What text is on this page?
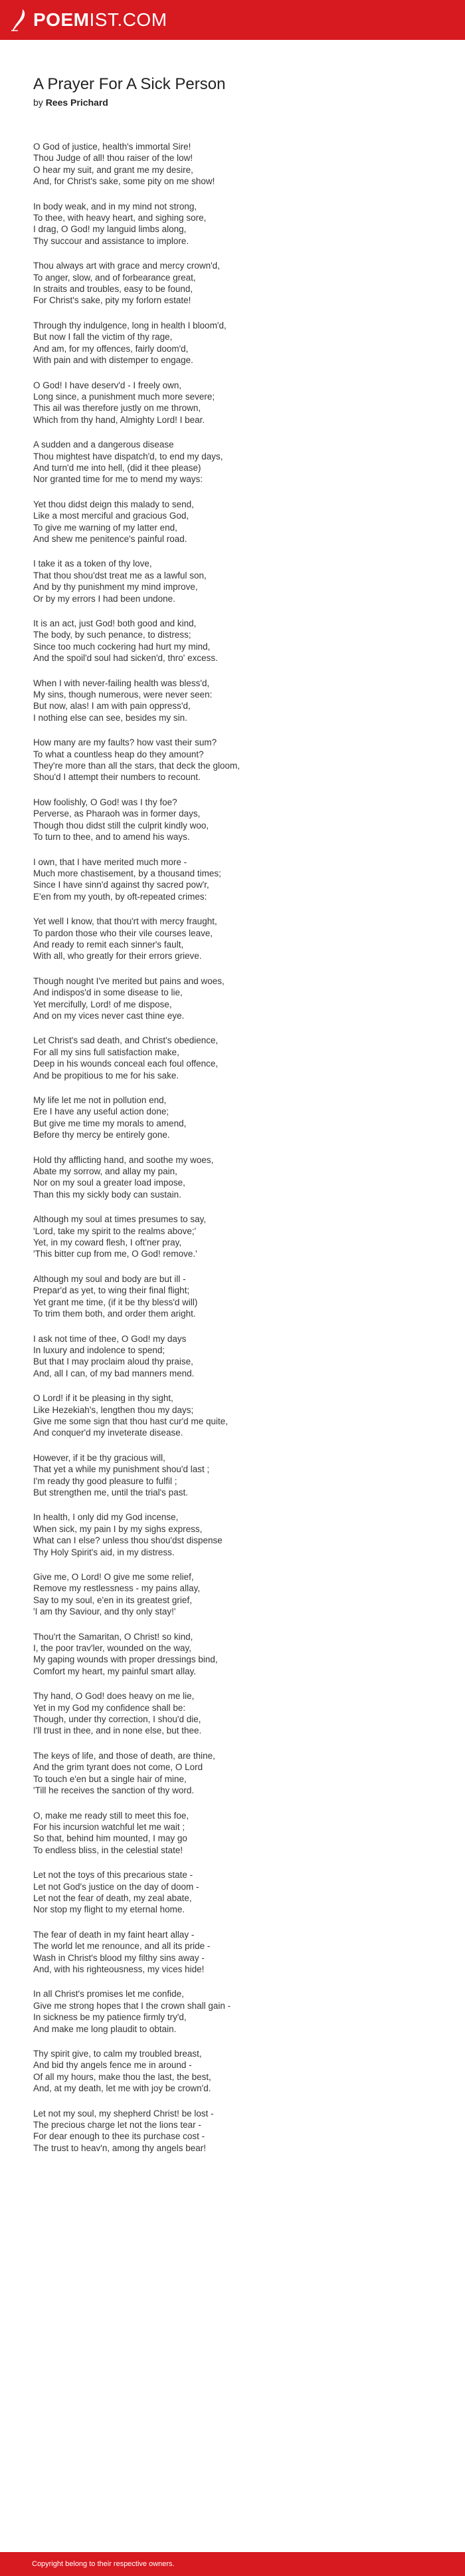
POEMIST.COM
A Prayer For A Sick Person
by Rees Prichard
O God of justice, health's immortal Sire!
Thou Judge of all! thou raiser of the low!
O hear my suit, and grant me my desire,
And, for Christ's sake, some pity on me show!
In body weak, and in my mind not strong,
To thee, with heavy heart, and sighing sore,
I drag, O God! my languid limbs along,
Thy succour and assistance to implore.
Thou always art with grace and mercy crown'd,
To anger, slow, and of forbearance great,
In straits and troubles, easy to be found,
For Christ's sake, pity my forlorn estate!
Through thy indulgence, long in health I bloom'd,
But now I fall the victim of thy rage,
And am, for my offences, fairly doom'd,
With pain and with distemper to engage.
O God! I have deserv'd - I freely own,
Long since, a punishment much more severe;
This ail was therefore justly on me thrown,
Which from thy hand, Almighty Lord! I bear.
A sudden and a dangerous disease
Thou mightest have dispatch'd, to end my days,
And turn'd me into hell, (did it thee please)
Nor granted time for me to mend my ways:
Yet thou didst deign this malady to send,
Like a most merciful and gracious God,
To give me warning of my latter end,
And shew me penitence's painful road.
I take it as a token of thy love,
That thou shou'dst treat me as a lawful son,
And by thy punishment my mind improve,
Or by my errors I had been undone.
It is an act, just God! both good and kind,
The body, by such penance, to distress;
Since too much cockering had hurt my mind,
And the spoil'd soul had sicken'd, thro' excess.
When I with never-failing health was bless'd,
My sins, though numerous, were never seen:
But now, alas! I am with pain oppress'd,
I nothing else can see, besides my sin.
How many are my faults? how vast their sum?
To what a countless heap do they amount?
They're more than all the stars, that deck the gloom,
Shou'd I attempt their numbers to recount.
How foolishly, O God! was I thy foe?
Perverse, as Pharaoh was in former days,
Though thou didst still the culprit kindly woo,
To turn to thee, and to amend his ways.
I own, that I have merited much more -
Much more chastisement, by a thousand times;
Since I have sinn'd against thy sacred pow'r,
E'en from my youth, by oft-repeated crimes:
Yet well I know, that thou'rt with mercy fraught,
To pardon those who their vile courses leave,
And ready to remit each sinner's fault,
With all, who greatly for their errors grieve.
Though nought I've merited but pains and woes,
And indispos'd in some disease to lie,
Yet mercifully, Lord! of me dispose,
And on my vices never cast thine eye.
Let Christ's sad death, and Christ's obedience,
For all my sins full satisfaction make,
Deep in his wounds conceal each foul offence,
And be propitious to me for his sake.
My life let me not in pollution end,
Ere I have any useful action done;
But give me time my morals to amend,
Before thy mercy be entirely gone.
Hold thy afflicting hand, and soothe my woes,
Abate my sorrow, and allay my pain,
Nor on my soul a greater load impose,
Than this my sickly body can sustain.
Although my soul at times presumes to say,
'Lord, take my spirit to the realms above;'
Yet, in my coward flesh, I oft'ner pray,
'This bitter cup from me, O God! remove.'
Although my soul and body are but ill -
Prepar'd as yet, to wing their final flight;
Yet grant me time, (if it be thy bless'd will)
To trim them both, and order them aright.
I ask not time of thee, O God! my days
In luxury and indolence to spend;
But that I may proclaim aloud thy praise,
And, all I can, of my bad manners mend.
O Lord! if it be pleasing in thy sight,
Like Hezekiah's, lengthen thou my days;
Give me some sign that thou hast cur'd me quite,
And conquer'd my inveterate disease.
However, if it be thy gracious will,
That yet a while my punishment shou'd last ;
I'm ready thy good pleasure to fulfil ;
But strengthen me, until the trial's past.
In health, I only did my God incense,
When sick, my pain I by my sighs express,
What can I else? unless thou shou'dst dispense
Thy Holy Spirit's aid, in my distress.
Give me, O Lord! O give me some relief,
Remove my restlessness - my pains allay,
Say to my soul, e'en in its greatest grief,
'I am thy Saviour, and thy only stay!'
Thou'rt the Samaritan, O Christ! so kind,
I, the poor trav'ler, wounded on the way,
My gaping wounds with proper dressings bind,
Comfort my heart, my painful smart allay.
Thy hand, O God! does heavy on me lie,
Yet in my God my confidence shall be:
Though, under thy correction, I shou'd die,
I'll trust in thee, and in none else, but thee.
The keys of life, and those of death, are thine,
And the grim tyrant does not come, O Lord
To touch e'en but a single hair of mine,
'Till he receives the sanction of thy word.
O, make me ready still to meet this foe,
For his incursion watchful let me wait ;
So that, behind him mounted, I may go
To endless bliss, in the celestial state!
Let not the toys of this precarious state -
Let not God's justice on the day of doom -
Let not the fear of death, my zeal abate,
Nor stop my flight to my eternal home.
The fear of death in my faint heart allay -
The world let me renounce, and all its pride -
Wash in Christ's blood my filthy sins away -
And, with his righteousness, my vices hide!
In all Christ's promises let me confide,
Give me strong hopes that I the crown shall gain -
In sickness be my patience firmly try'd,
And make me long plaudit to obtain.
Thy spirit give, to calm my troubled breast,
And bid thy angels fence me in around -
Of all my hours, make thou the last, the best,
And, at my death, let me with joy be crown'd.
Let not my soul, my shepherd Christ! be lost -
The precious charge let not the lions tear -
For dear enough to thee its purchase cost -
The trust to heav'n, among thy angels bear!
Copyright belong to their respective owners.
